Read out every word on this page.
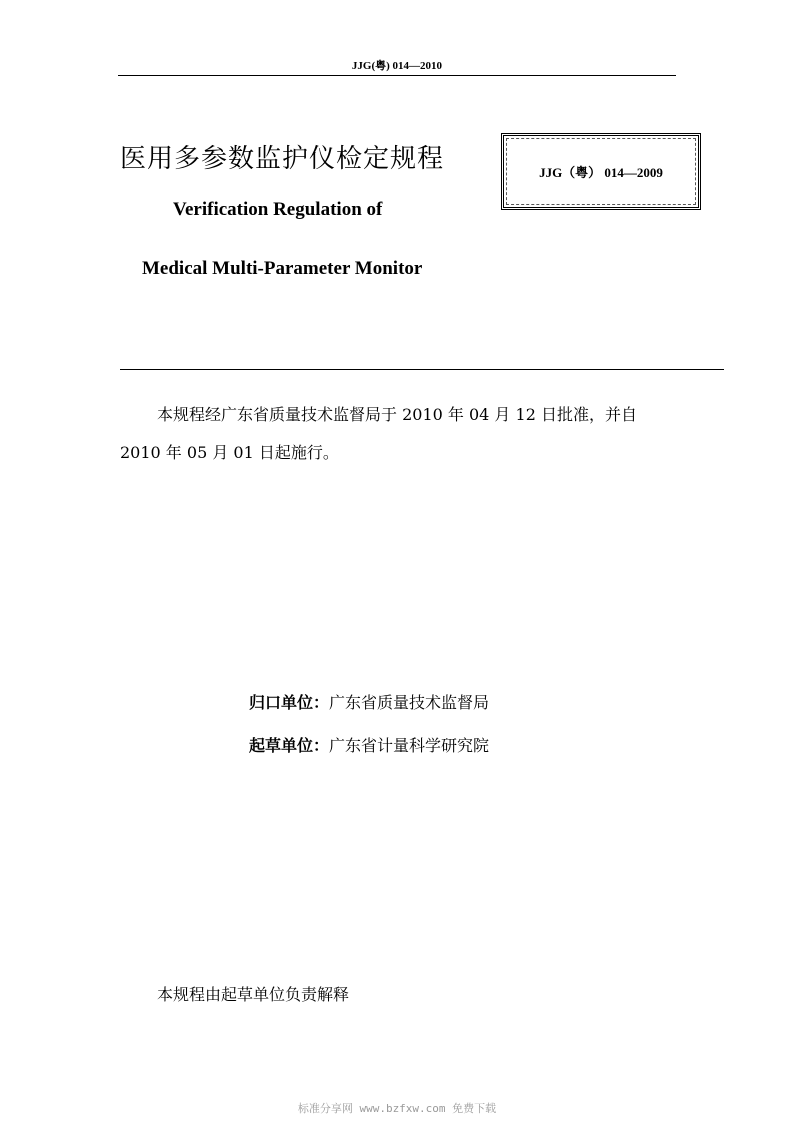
JJG(粤) 014—2010
医用多参数监护仪检定规程	JJG（粤） 014—2009
Verification Regulation of
Medical Multi-Parameter Monitor
本规程经广东省质量技术监督局于 2010 年 04 月 12 日批准，并自 2010 年 05 月 01 日起施行。
归口单位：广东省质量技术监督局
起草单位：广东省计量科学研究院
本规程由起草单位负责解释
标准分享网 www.bzfxw.com 免费下载
